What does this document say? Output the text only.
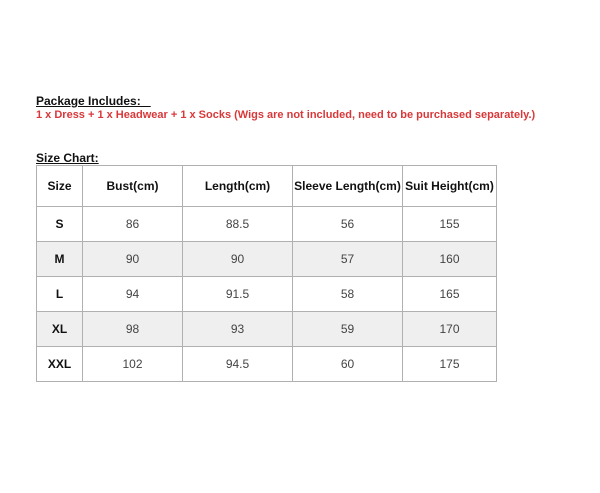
Package Includes:
1 x Dress + 1 x Headwear + 1 x Socks (Wigs are not included, need to be purchased separately.)
Size Chart:
Size	Bust(cm)	Length(cm)	Sleeve Length(cm)	Suit Height(cm)
S	86	88.5	56	155
M	90	90	57	160
L	94	91.5	58	165
XL	98	93	59	170
XXL	102	94.5	60	175
